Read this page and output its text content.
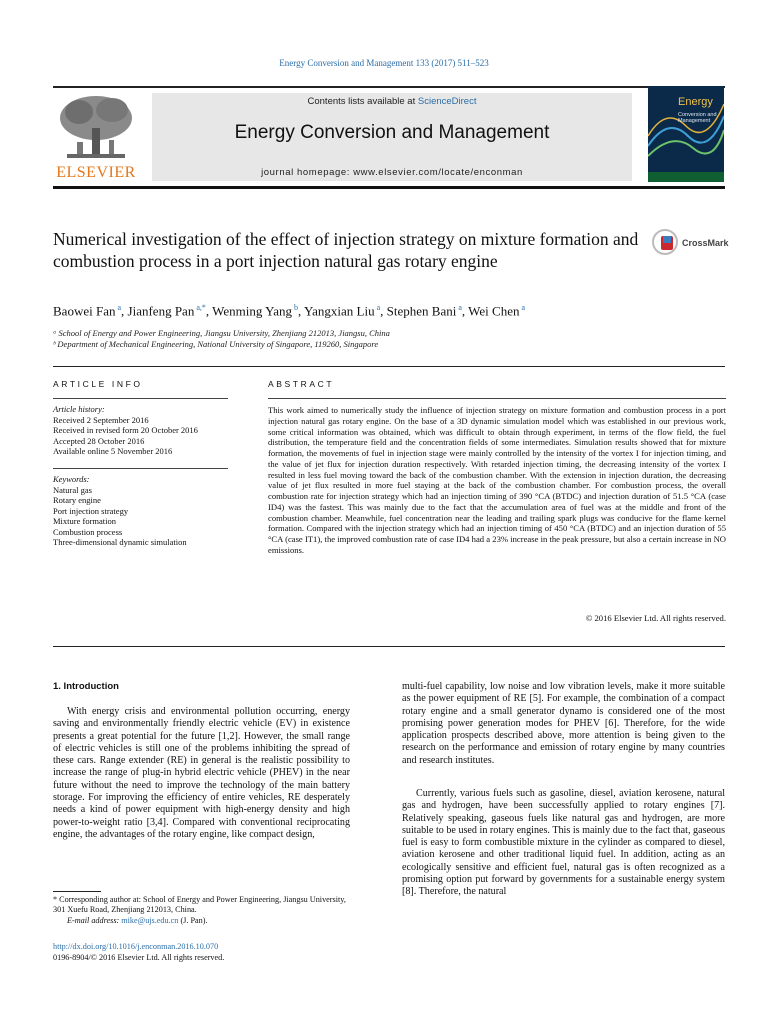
Energy Conversion and Management 133 (2017) 511–523
ELSEVIER
Contents lists available at ScienceDirect
Energy Conversion and Management
journal homepage: www.elsevier.com/locate/enconman
Energy
Conversion and Management
Numerical investigation of the effect of injection strategy on mixture formation and combustion process in a port injection natural gas rotary engine
CrossMark
Baowei Fan $^a$, Jianfeng Pan $^{a,*}$, Wenming Yang $^b$, Yangxian Liu $^a$, Stephen Bani $^a$, Wei Chen $^a$
ᵃ School of Energy and Power Engineering, Jiangsu University, Zhenjiang 212013, Jiangsu, China
ᵇ Department of Mechanical Engineering, National University of Singapore, 119260, Singapore
ARTICLE INFO
Article history:
Received 2 September 2016
Received in revised form 20 October 2016
Accepted 28 October 2016
Available online 5 November 2016
Keywords:
Natural gas
Rotary engine
Port injection strategy
Mixture formation
Combustion process
Three-dimensional dynamic simulation
ABSTRACT
This work aimed to numerically study the influence of injection strategy on mixture formation and combustion process in a port injection natural gas rotary engine. On the base of a 3D dynamic simulation model which was established in our previous work, some critical information was obtained, which was difficult to obtain through experiment, in terms of the flow field, the fuel distribution, the temperature field and the concentration fields of some intermediates. Simulation results showed that for mixture formation, the movements of fuel in injection stage were mainly controlled by the intensity of the vortex I for injection timing, and the value of jet flux for injection duration respectively. With retarded injection timing, the decreasing intensity of the vortex I resulted in less fuel moving toward the back of the combustion chamber. With the extension in injection duration, the decreasing value of jet flux resulted in more fuel staying at the back of the combustion chamber. For combustion process, the overall combustion rate for injection strategy which had an injection timing of 390 °CA (BTDC) and injection duration of 51.5 °CA (case ID4) was the fastest. This was mainly due to the fact that the accumulation area of fuel was at the middle and front of the combustion chamber. Meanwhile, fuel concentration near the leading and trailing spark plugs was conducive for the flame kernel formation. Compared with the injection strategy which had an injection timing of 450 °CA (BTDC) and an injection duration of 55 °CA (case IT1), the improved combustion rate of case ID4 had a 23% increase in the peak pressure, but also a certain increase in NO emissions.
© 2016 Elsevier Ltd. All rights reserved.
1. Introduction
With energy crisis and environmental pollution occurring, energy saving and environmentally friendly electric vehicle (EV) in existence presents a great potential for the future [1,2]. However, the small range of electric vehicles is still one of the problems inhibiting the spread of these cars. Range extender (RE) in general is the realistic possibility to increase the range of plug-in hybrid electric vehicle (PHEV) in the near future without the need to improve the technology of the main battery storage. For improving the efficiency of entire vehicles, RE desperately needs a kind of power equipment with high-energy density and high power-to-weight ratio [3,4]. Compared with conventional reciprocating engine, the advantages of the rotary engine, like compact design,
multi-fuel capability, low noise and low vibration levels, make it more suitable as the power equipment of RE [5]. For example, the combination of a compact rotary engine and a small generator dynamo is considered one of the most promising power generation modes for PHEV [6]. Therefore, for the wide application prospects described above, more attention is being given to the research on the performance and emission of rotary engine by many countries and research institutes.
Currently, various fuels such as gasoline, diesel, aviation kerosene, natural gas and hydrogen, have been successfully applied to rotary engines [7]. Relatively speaking, gaseous fuels like natural gas and hydrogen, are more suitable to be used in rotary engines. This is mainly due to the fact that, gaseous fuel is easy to form combustible mixture in the cylinder as compared to diesel, aviation kerosene and other traditional liquid fuel. In addition, acting as an ecologically sensitive and efficient fuel, natural gas is often recognized as a promising option put forward by governments for a sustainable energy system [8]. Therefore, the natural
* Corresponding author at: School of Energy and Power Engineering, Jiangsu University, 301 Xuefu Road, Zhenjiang 212013, China.
E-mail address: mike@ujs.edu.cn (J. Pan).
http://dx.doi.org/10.1016/j.enconman.2016.10.070
0196-8904/© 2016 Elsevier Ltd. All rights reserved.
